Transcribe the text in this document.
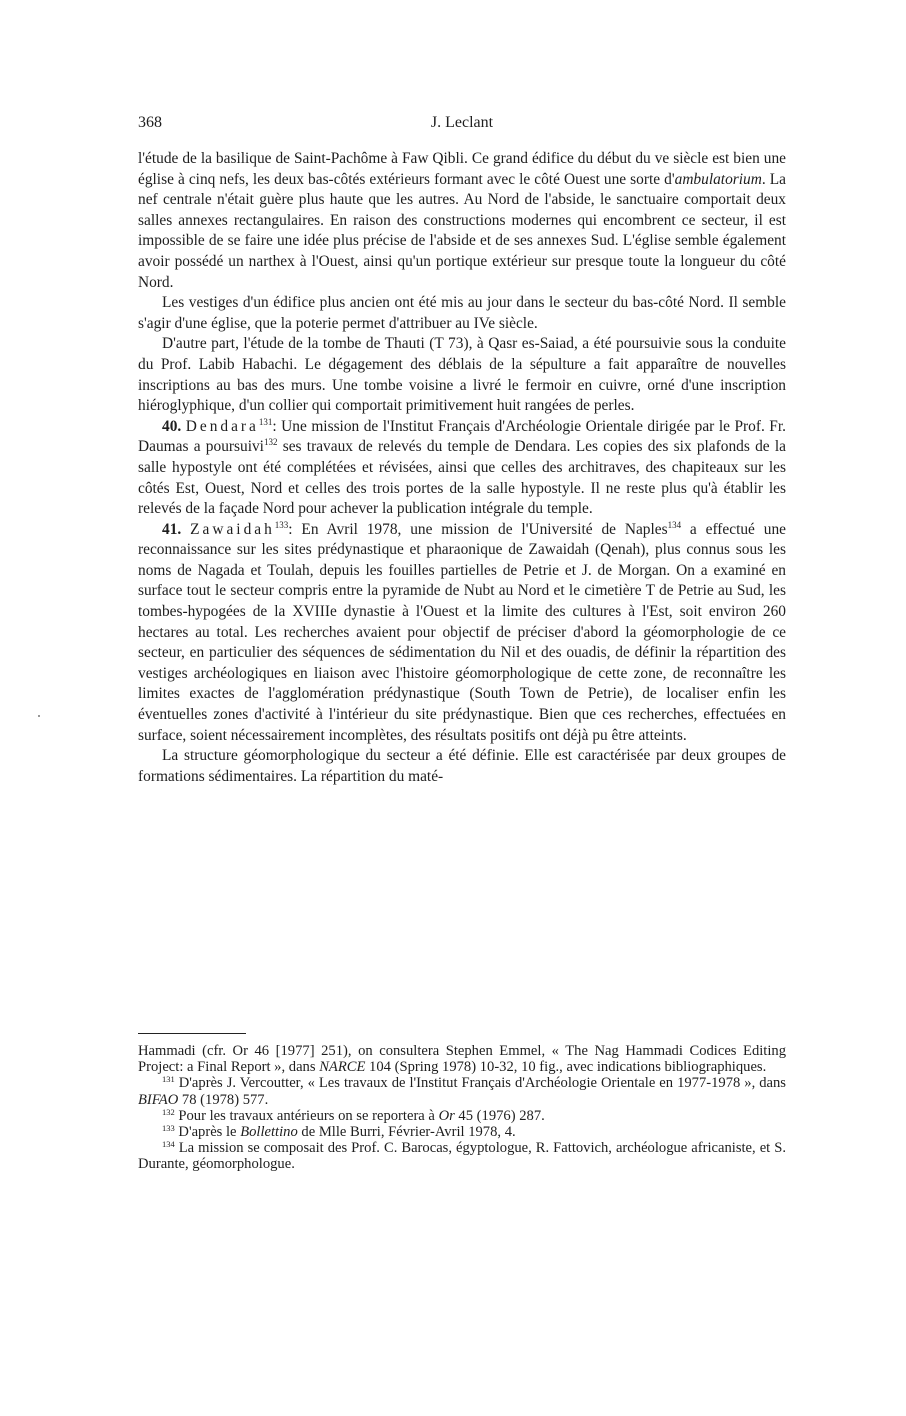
368	J. Leclant

l'étude de la basilique de Saint-Pachôme à Faw Qibli. Ce grand édifice du début du ve siècle est bien une église à cinq nefs, les deux bas-côtés extérieurs formant avec le côté Ouest une sorte d'ambulatorium. La nef centrale n'était guère plus haute que les autres. Au Nord de l'abside, le sanctuaire comportait deux salles annexes rectangulaires. En raison des constructions modernes qui encombrent ce secteur, il est impossible de se faire une idée plus précise de l'abside et de ses annexes Sud. L'église semble également avoir possédé un narthex à l'Ouest, ainsi qu'un portique extérieur sur presque toute la longueur du côté Nord.

Les vestiges d'un édifice plus ancien ont été mis au jour dans le secteur du bas-côté Nord. Il semble s'agir d'une église, que la poterie permet d'attribuer au IVe siècle.

D'autre part, l'étude de la tombe de Thauti (T 73), à Qasr es-Saiad, a été poursuivie sous la conduite du Prof. Labib Habachi. Le dégagement des déblais de la sépulture a fait apparaître de nouvelles inscriptions au bas des murs. Une tombe voisine a livré le fermoir en cuivre, orné d'une inscription hiéroglyphique, d'un collier qui comportait primitivement huit rangées de perles.

40. Dendara$^{131}$: Une mission de l'Institut Français d'Archéologie Orientale dirigée par le Prof. Fr. Daumas a poursuivi$^{132}$ ses travaux de relevés du temple de Dendara. Les copies des six plafonds de la salle hypostyle ont été complétées et révisées, ainsi que celles des architraves, des chapiteaux sur les côtés Est, Ouest, Nord et celles des trois portes de la salle hypostyle. Il ne reste plus qu'à établir les relevés de la façade Nord pour achever la publication intégrale du temple.

41. Zawaidah$^{133}$: En Avril 1978, une mission de l'Université de Naples$^{134}$ a effectué une reconnaissance sur les sites prédynastique et pharaonique de Zawaidah (Qenah), plus connus sous les noms de Nagada et Toulah, depuis les fouilles partielles de Petrie et J. de Morgan. On a examiné en surface tout le secteur compris entre la pyramide de Nubt au Nord et le cimetière T de Petrie au Sud, les tombes-hypogées de la XVIIIe dynastie à l'Ouest et la limite des cultures à l'Est, soit environ 260 hectares au total. Les recherches avaient pour objectif de préciser d'abord la géomorphologie de ce secteur, en particulier des séquences de sédimentation du Nil et des ouadis, de définir la répartition des vestiges archéologiques en liaison avec l'histoire géomorphologique de cette zone, de reconnaître les limites exactes de l'agglomération prédynastique (South Town de Petrie), de localiser enfin les éventuelles zones d'activité à l'intérieur du site prédynastique. Bien que ces recherches, effectuées en surface, soient nécessairement incomplètes, des résultats positifs ont déjà pu être atteints.

La structure géomorphologique du secteur a été définie. Elle est caractérisée par deux groupes de formations sédimentaires. La répartition du maté-

Hammadi (cfr. Or 46 [1977] 251), on consultera Stephen Emmel, « The Nag Hammadi Codices Editing Project: a Final Report », dans NARCE 104 (Spring 1978) 10-32, 10 fig., avec indications bibliographiques.

$^{131}$ D'après J. Vercoutter, « Les travaux de l'Institut Français d'Archéologie Orientale en 1977-1978 », dans BIFAO 78 (1978) 577.

$^{132}$ Pour les travaux antérieurs on se reportera à Or 45 (1976) 287.

$^{133}$ D'après le Bollettino de Mlle Burri, Février-Avril 1978, 4.

$^{134}$ La mission se composait des Prof. C. Barocas, égyptologue, R. Fattovich, archéologue africaniste, et S. Durante, géomorphologue.
